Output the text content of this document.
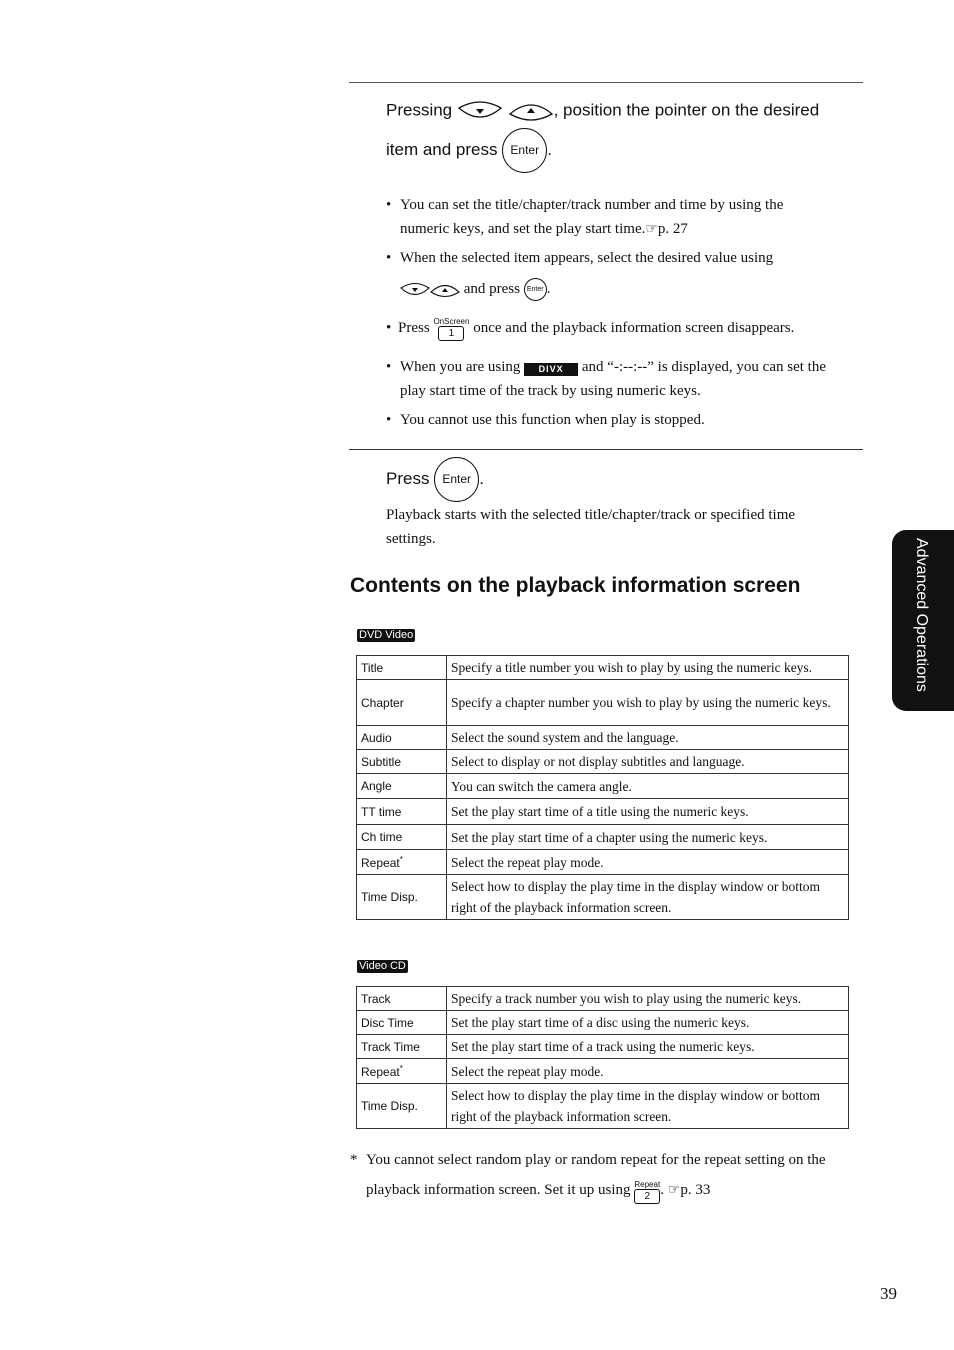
Pressing	, position the pointer on the desired
item and press Enter .
• You can set the title/chapter/track number and time by using the
numeric keys, and set the play start time.☞p. 27
• When the selected item appears, select the desired value using
and press Enter .
• Press OnScreen
1	once and the playback information screen disappears.
• When you are using DIVX and “-:--:--” is displayed, you can set the
play start time of the track by using numeric keys.
• You cannot use this function when play is stopped.
Press Enter .
Playback starts with the selected title/chapter/track or specified time
settings.
Contents on the playback information screen
DVD Video
Title	Specify a title number you wish to play by using the numeric keys.
Chapter	Specify a chapter number you wish to play by using the numeric keys.
Audio	Select the sound system and the language.
Subtitle	Select to display or not display subtitles and language.
Angle	You can switch the camera angle.
TT time	Set the play start time of a title using the numeric keys.
Ch time	Set the play start time of a chapter using the numeric keys.
Repeat*	Select the repeat play mode.
Time Disp.	Select how to display the play time in the display window or bottom right of the playback information screen.
Video CD
Track	Specify a track number you wish to play using the numeric keys.
Disc Time	Set the play start time of a disc using the numeric keys.
Track Time	Set the play start time of a track using the numeric keys.
Repeat*	Select the repeat play mode.
Time Disp.	Select how to display the play time in the display window or bottom right of the playback information screen.
* You cannot select random play or random repeat for the repeat setting on the
playback information screen. Set it up using Repeat
2 . ☞p. 33
Advanced Operations
39
